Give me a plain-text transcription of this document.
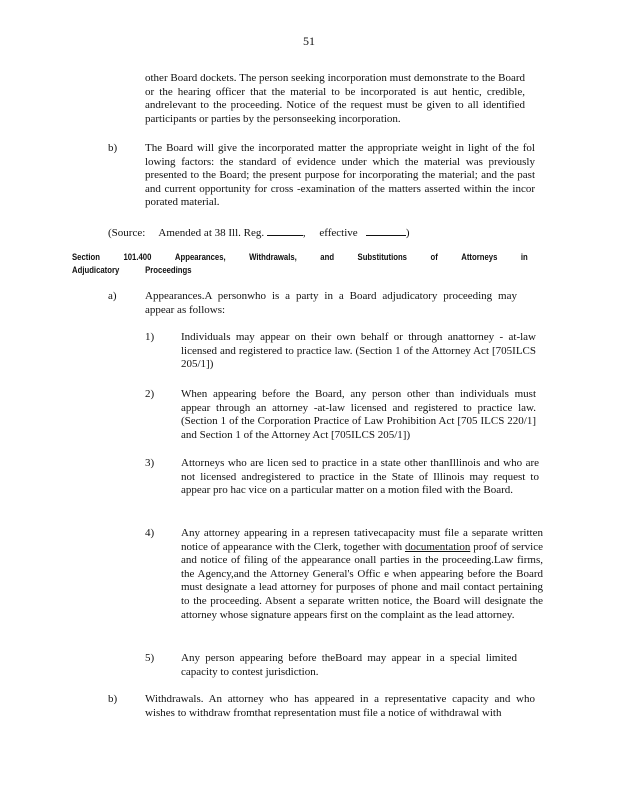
51
other Board dockets. The person seeking incorporation must demonstrate to the Board or the hearing officer that the material to be incorporated is aut hentic, credible, andrelevant to the proceeding. Notice of the request must be given to all identified participants or parties by the personseeking incorporation.
b)	The Board will give the incorporated matter the appropriate weight in light of the fol lowing factors: the standard of evidence under which the material was previously presented to the Board; the present purpose for incorporating the material; and the past and current opportunity for cross -examination of the matters asserted within the incor porated material.
(Source: Amended at 38 Ill. Reg.	, effective	)
Section	101.400	Appearances,	Withdrawals,	and	Substitutions	of	Attorneys	in
Adjudicatory	Proceedings
a)	Appearances.A personwho is a party in a Board adjudicatory proceeding may appear as follows:
1) Individuals may appear on their own behalf or through anattorney - at-law licensed and registered to practice law. (Section 1 of the Attorney Act [705ILCS 205/1])
2) When appearing before the Board, any person other than individuals must appear through an attorney -at-law licensed and registered to practice law. (Section 1 of the Corporation Practice of Law Prohibition Act [705 ILCS 220/1] and Section 1 of the Attorney Act [705ILCS 205/1])
3) Attorneys who are licen sed to practice in a state other thanIllinois and who are not licensed andregistered to practice in the State of Illinois may request to appear pro hac vice on a particular matter on a motion filed with the Board.
4) Any attorney appearing in a represen tativecapacity must file a separate written notice of appearance with the Clerk, together with documentation proof of service and notice of filing of the appearance onall parties in the proceeding.Law firms, the Agency,and the Attorney General's Offic e when appearing before the Board must designate a lead attorney for purposes of phone and mail contact pertaining to the proceeding. Absent a separate written notice, the Board will designate the attorney whose signature appears first on the complaint as the lead attorney.
5) Any person appearing before theBoard may appear in a special limited capacity to contest jurisdiction.
b)	Withdrawals. An attorney who has appeared in a representative capacity and who wishes to withdraw fromthat representation must file a notice of withdrawal with
